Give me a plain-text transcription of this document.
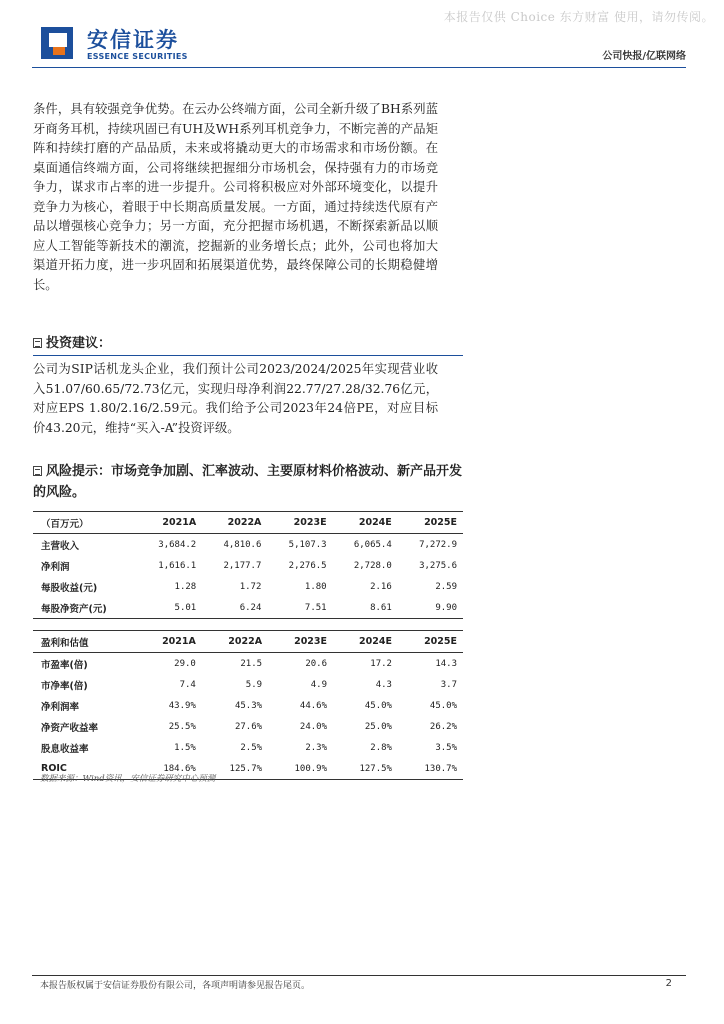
本报告仅供 Choice 东方财富 使用，请勿传阅。
安信证券
ESSENCE SECURITIES	公司快报/亿联网络
条件，具有较强竞争优势。在云办公终端方面，公司全新升级了BH系列蓝牙商务耳机，持续巩固已有UH及WH系列耳机竞争力，不断完善的产品矩阵和持续打磨的产品品质，未来或将撬动更大的市场需求和市场份额。在桌面通信终端方面，公司将继续把握细分市场机会，保持强有力的市场竞争力，谋求市占率的进一步提升。公司将积极应对外部环境变化，以提升竞争力为核心，着眼于中长期高质量发展。一方面，通过持续迭代原有产品以增强核心竞争力；另一方面，充分把握市场机遇，不断探索新品以顺应人工智能等新技术的潮流，挖掘新的业务增长点；此外，公司也将加大渠道开拓力度，进一步巩固和拓展渠道优势，最终保障公司的长期稳健增长。
投资建议：
公司为SIP话机龙头企业，我们预计公司2023/2024/2025年实现营业收入51.07/60.65/72.73亿元，实现归母净利润22.77/27.28/32.76亿元，对应EPS 1.80/2.16/2.59元。我们给予公司2023年24倍PE，对应目标价43.20元，维持“买入-A”投资评级。
风险提示：市场竞争加剧、汇率波动、主要原材料价格波动、新产品开发的风险。
（百万元）	2021A	2022A	2023E	2024E	2025E
主营收入	3,684.2	4,810.6	5,107.3	6,065.4	7,272.9
净利润	1,616.1	2,177.7	2,276.5	2,728.0	3,275.6
每股收益(元)	1.28	1.72	1.80	2.16	2.59
每股净资产(元)	5.01	6.24	7.51	8.61	9.90
盈利和估值	2021A	2022A	2023E	2024E	2025E
市盈率(倍)	29.0	21.5	20.6	17.2	14.3
市净率(倍)	7.4	5.9	4.9	4.3	3.7
净利润率	43.9%	45.3%	44.6%	45.0%	45.0%
净资产收益率	25.5%	27.6%	24.0%	25.0%	26.2%
股息收益率	1.5%	2.5%	2.3%	2.8%	3.5%
ROIC	184.6%	125.7%	100.9%	127.5%	130.7%
数据来源：Wind资讯，安信证券研究中心预测
本报告版权属于安信证券股份有限公司，各项声明请参见报告尾页。	2
